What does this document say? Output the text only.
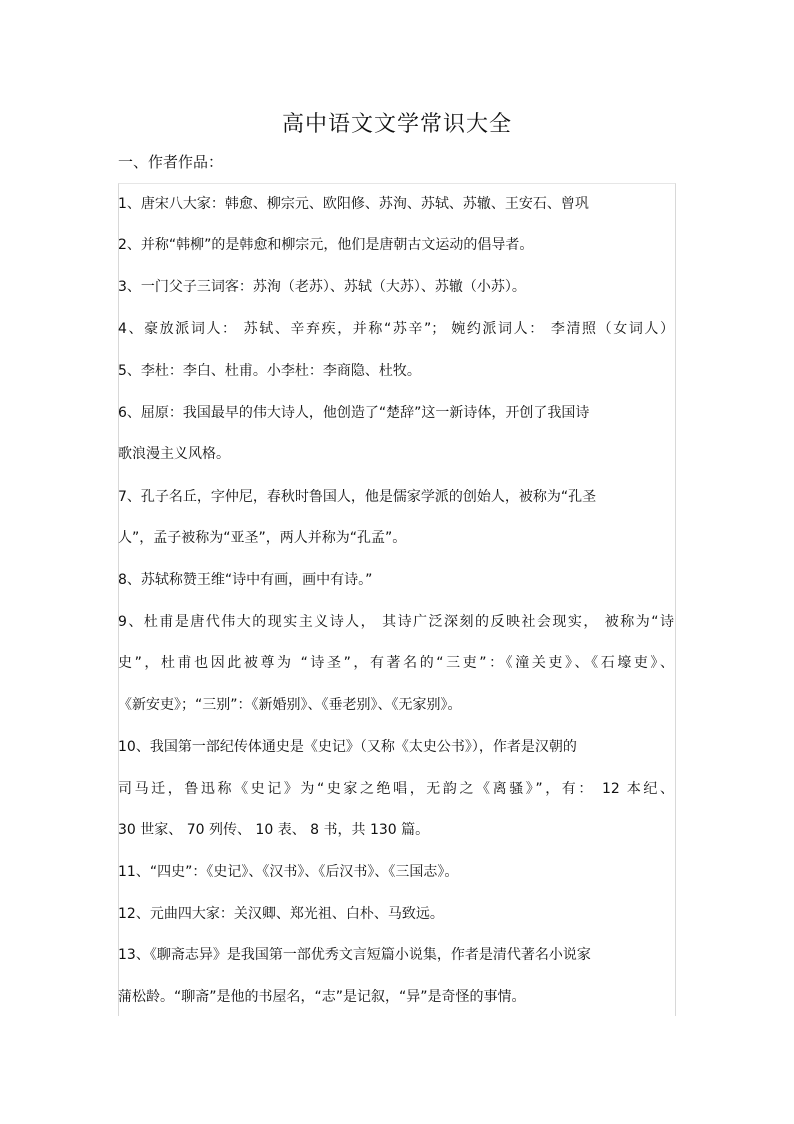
高中语文文学常识大全
一、作者作品：
1、唐宋八大家：韩愈、柳宗元、欧阳修、苏洵、苏轼、苏辙、王安石、曾巩
2、并称“韩柳”的是韩愈和柳宗元，他们是唐朝古文运动的倡导者。
3、一门父子三词客：苏洵（老苏）、苏轼（大苏）、苏辙（小苏）。
4、豪放派词人： 苏轼、辛弃疾，并称“苏辛”； 婉约派词人： 李清照（女词人）
5、李杜：李白、杜甫。小李杜：李商隐、杜牧。
6、屈原：我国最早的伟大诗人，他创造了“楚辞”这一新诗体，开创了我国诗
歌浪漫主义风格。
7、孔子名丘，字仲尼，春秋时鲁国人，他是儒家学派的创始人，被称为“孔圣
人”，孟子被称为“亚圣”，两人并称为“孔孟”。
8、苏轼称赞王维“诗中有画，画中有诗。”
9、杜甫是唐代伟大的现实主义诗人， 其诗广泛深刻的反映社会现实， 被称为“诗
史”，杜甫也因此被尊为 “诗圣”，有著名的“三吏”：《潼关吏》、《石壕吏》、
《新安吏》；“三别”：《新婚别》、《垂老别》、《无家别》。
10、我国第一部纪传体通史是《史记》（又称《太史公书》），作者是汉朝的
司马迁，鲁迅称《史记》为“史家之绝唱，无韵之《离骚》”，有： 12 本纪、
30 世家、 70 列传、 10 表、 8 书，共 130 篇。
11、“四史”：《史记》、《汉书》、《后汉书》、《三国志》。
12、元曲四大家：关汉卿、郑光祖、白朴、马致远。
13、《聊斋志异》是我国第一部优秀文言短篇小说集，作者是清代著名小说家
蒲松龄。“聊斋”是他的书屋名，“志”是记叙，“异”是奇怪的事情。
